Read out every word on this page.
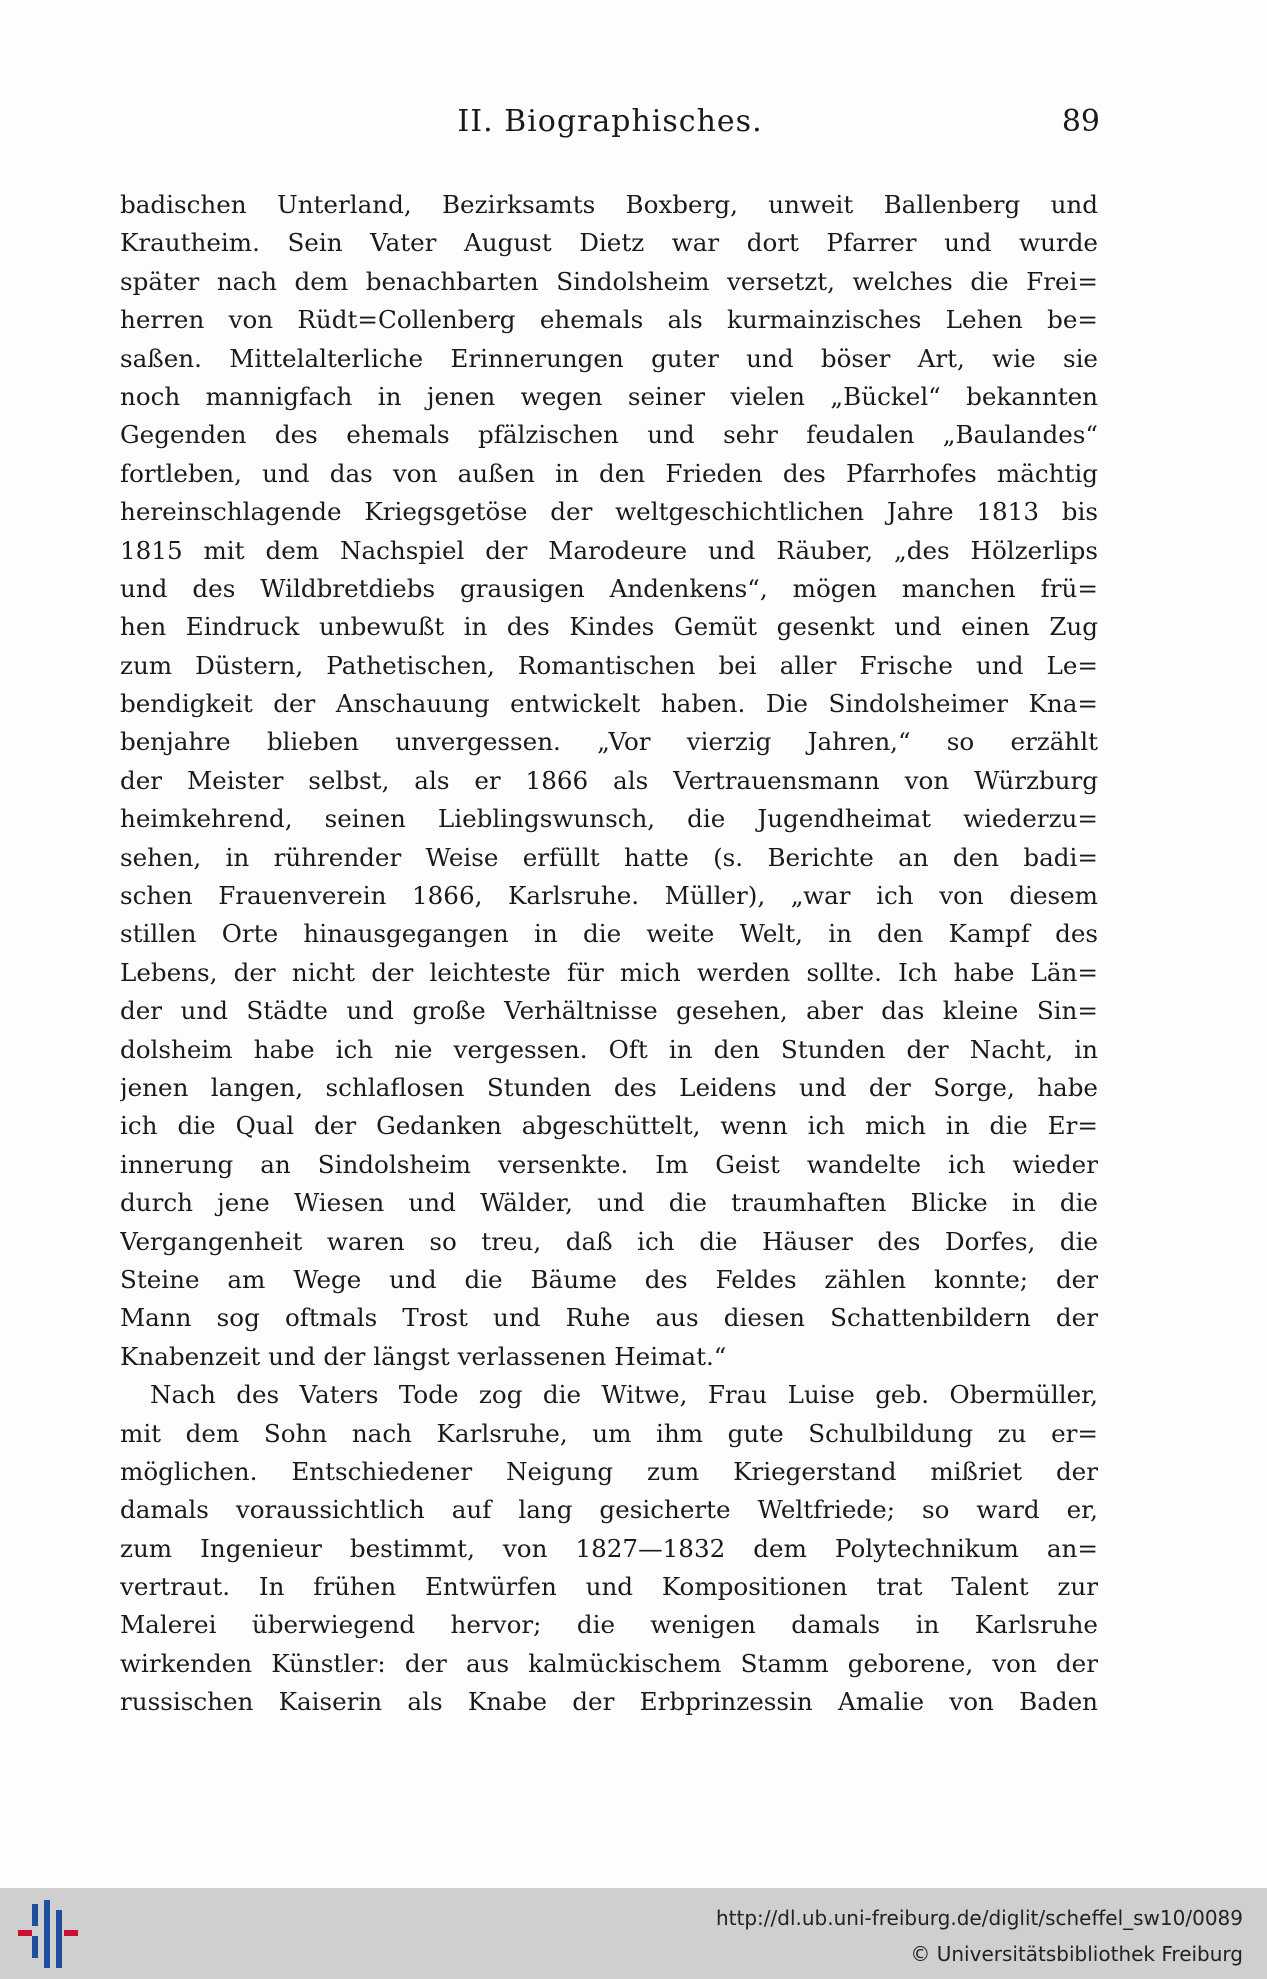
II. Biographisches.	89
badischen Unterland, Bezirksamts Boxberg, unweit Ballenberg und
Krautheim. Sein Vater August Dietz war dort Pfarrer und wurde
später nach dem benachbarten Sindolsheim versetzt, welches die Frei=
herren von Rüdt=Collenberg ehemals als kurmainzisches Lehen be=
saßen. Mittelalterliche Erinnerungen guter und böser Art, wie sie
noch mannigfach in jenen wegen seiner vielen „Bückel“ bekannten
Gegenden des ehemals pfälzischen und sehr feudalen „Baulandes“
fortleben, und das von außen in den Frieden des Pfarrhofes mächtig
hereinschlagende Kriegsgetöse der weltgeschichtlichen Jahre 1813 bis
1815 mit dem Nachspiel der Marodeure und Räuber, „des Hölzerlips
und des Wildbretdiebs grausigen Andenkens“, mögen manchen frü=
hen Eindruck unbewußt in des Kindes Gemüt gesenkt und einen Zug
zum Düstern, Pathetischen, Romantischen bei aller Frische und Le=
bendigkeit der Anschauung entwickelt haben. Die Sindolsheimer Kna=
benjahre blieben unvergessen. „Vor vierzig Jahren,“ so erzählt
der Meister selbst, als er 1866 als Vertrauensmann von Würzburg
heimkehrend, seinen Lieblingswunsch, die Jugendheimat wiederzu=
sehen, in rührender Weise erfüllt hatte (s. Berichte an den badi=
schen Frauenverein 1866, Karlsruhe. Müller), „war ich von diesem
stillen Orte hinausgegangen in die weite Welt, in den Kampf des
Lebens, der nicht der leichteste für mich werden sollte. Ich habe Län=
der und Städte und große Verhältnisse gesehen, aber das kleine Sin=
dolsheim habe ich nie vergessen. Oft in den Stunden der Nacht, in
jenen langen, schlaflosen Stunden des Leidens und der Sorge, habe
ich die Qual der Gedanken abgeschüttelt, wenn ich mich in die Er=
innerung an Sindolsheim versenkte. Im Geist wandelte ich wieder
durch jene Wiesen und Wälder, und die traumhaften Blicke in die
Vergangenheit waren so treu, daß ich die Häuser des Dorfes, die
Steine am Wege und die Bäume des Feldes zählen konnte; der
Mann sog oftmals Trost und Ruhe aus diesen Schattenbildern der
Knabenzeit und der längst verlassenen Heimat.“
Nach des Vaters Tode zog die Witwe, Frau Luise geb. Obermüller,
mit dem Sohn nach Karlsruhe, um ihm gute Schulbildung zu er=
möglichen. Entschiedener Neigung zum Kriegerstand mißriet der
damals voraussichtlich auf lang gesicherte Weltfriede; so ward er,
zum Ingenieur bestimmt, von 1827—1832 dem Polytechnikum an=
vertraut. In frühen Entwürfen und Kompositionen trat Talent zur
Malerei überwiegend hervor; die wenigen damals in Karlsruhe
wirkenden Künstler: der aus kalmückischem Stamm geborene, von der
russischen Kaiserin als Knabe der Erbprinzessin Amalie von Baden
http://dl.ub.uni-freiburg.de/diglit/scheffel_sw10/0089
© Universitätsbibliothek Freiburg
